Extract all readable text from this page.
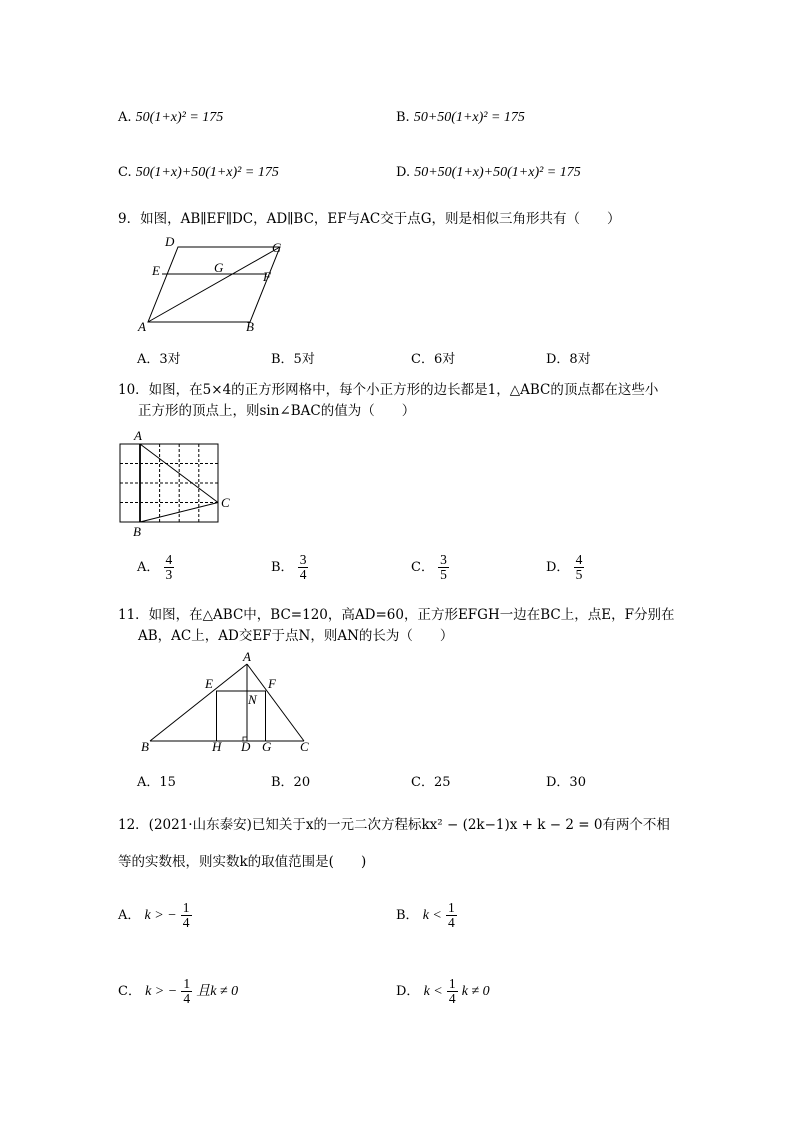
A. 50(1+x)² = 175	B. 50+50(1+x)² = 175
C. 50(1+x)+50(1+x)² = 175	D. 50+50(1+x)+50(1+x)² = 175
9．如图，AB∥EF∥DC，AD∥BC，EF与AC交于点G，则是相似三角形共有（　　）
A	B
C
D
E	F
G
A．3对	B．5对	C．6对	D．8对
10．如图，在5×4的正方形网格中，每个小正方形的边长都是1，△ABC的顶点都在这些小
正方形的顶点上，则sin∠BAC的值为（　　）
A
B
C
A． $\frac{4}{3}$	B． $\frac{3}{4}$	C． $\frac{3}{5}$	D． $\frac{4}{5}$
11．如图，在△ABC中，BC=120，高AD=60，正方形EFGH一边在BC上，点E，F分别在
AB，AC上，AD交EF于点N，则AN的长为（　　）
A
B	C
D
E	F
G
H
N
A．15	B．20	C．25	D．30
12．(2021·山东泰安)已知关于x的一元二次方程标kx² − (2k−1)x + k − 2 = 0有两个不相
等的实数根，则实数k的取值范围是(　　)
A． k > − $\frac{1}{4}$	B． $k < \frac{1}{4}$
C． k > − $\frac{1}{4}$ 且k ≠ 0	D． $k < \frac{1}{4}$ k ≠ 0
